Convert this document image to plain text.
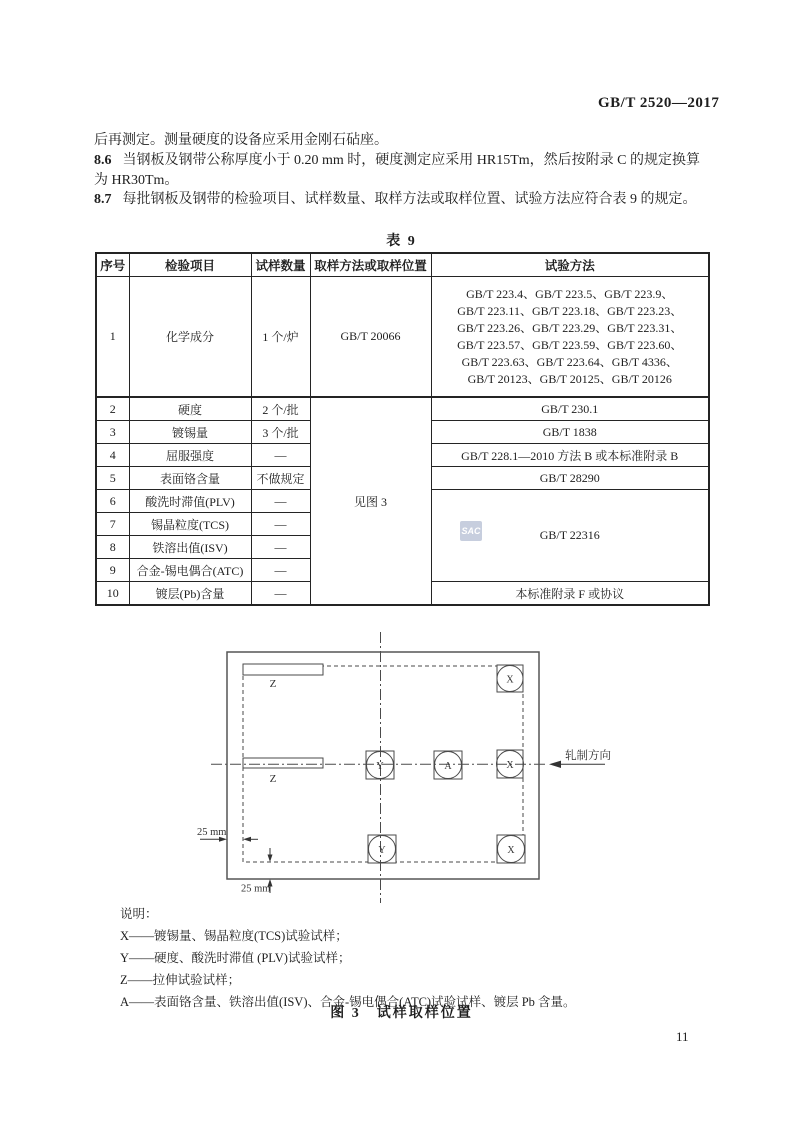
GB/T 2520—2017
后再测定。测量硬度的设备应采用金刚石砧座。
8.6 当钢板及钢带公称厚度小于 0.20 mm 时，硬度测定应采用 HR15Tm，然后按附录 C 的规定换算
为 HR30Tm。
8.7 每批钢板及钢带的检验项目、试样数量、取样方法或取样位置、试验方法应符合表 9 的规定。
表 9
序号	检验项目	试样数量	取样方法或取样位置	试验方法
1	化学成分	1 个/炉	GB/T 20066	
GB/T 223.4、GB/T 223.5、GB/T 223.9、
GB/T 223.11、GB/T 223.18、GB/T 223.23、
GB/T 223.26、GB/T 223.29、GB/T 223.31、
GB/T 223.57、GB/T 223.59、GB/T 223.60、
GB/T 223.63、GB/T 223.64、GB/T 4336、
GB/T 20123、GB/T 20125、GB/T 20126

2	硬度	2 个/批	见图 3	GB/T 230.1
3	镀锡量	3 个/批		GB/T 1838
4	屈服强度	—		GB/T 228.1—2010 方法 B 或本标准附录 B
5	表面铬含量	不做规定		GB/T 28290
6	酸洗时滞值(PLV)	—		GB/T 22316
7	锡晶粒度(TCS)	—		
8	铁溶出值(ISV)	—		
9	合金-锡电偶合(ATC)	—		
10	镀层(Pb)含量	—		本标准附录 F 或协议
SAC
Z
Z
X
Y	A	X
Y	X
轧制方向
25 mm
25 mm
说明：
X——镀锡量、锡晶粒度(TCS)试验试样；
Y——硬度、酸洗时滞值 (PLV)试验试样；
Z——拉伸试验试样；
A——表面铬含量、铁溶出值(ISV)、合金-锡电偶合(ATC)试验试样、镀层 Pb 含量。
图 3　试样取样位置
11
